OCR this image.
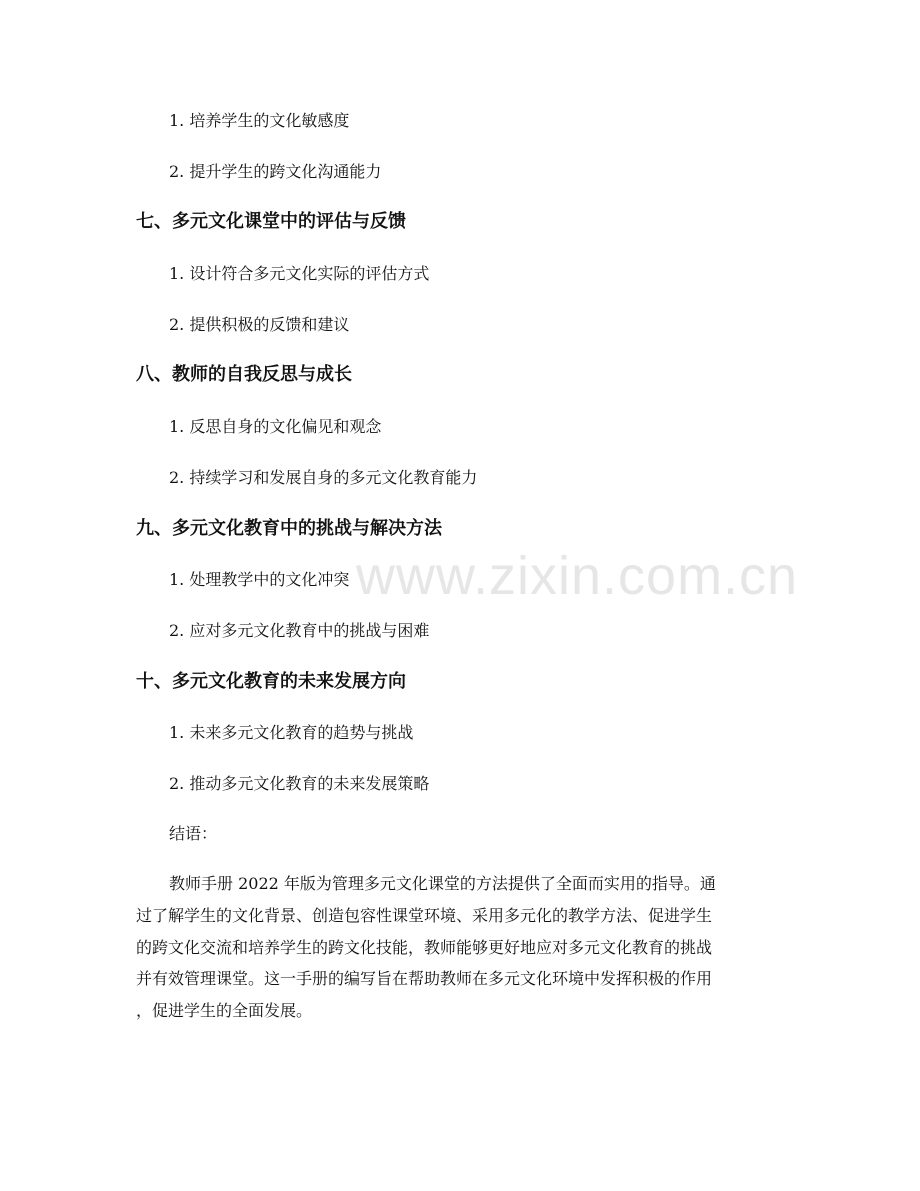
www.zixin.com.cn
1. 培养学生的文化敏感度
2. 提升学生的跨文化沟通能力
七、多元文化课堂中的评估与反馈
1. 设计符合多元文化实际的评估方式
2. 提供积极的反馈和建议
八、教师的自我反思与成长
1. 反思自身的文化偏见和观念
2. 持续学习和发展自身的多元文化教育能力
九、多元文化教育中的挑战与解决方法
1. 处理教学中的文化冲突
2. 应对多元文化教育中的挑战与困难
十、多元文化教育的未来发展方向
1. 未来多元文化教育的趋势与挑战
2. 推动多元文化教育的未来发展策略
结语：
教师手册 2022 年版为管理多元文化课堂的方法提供了全面而实用的指导。通
过了解学生的文化背景、创造包容性课堂环境、采用多元化的教学方法、促进学生
的跨文化交流和培养学生的跨文化技能，教师能够更好地应对多元文化教育的挑战
并有效管理课堂。这一手册的编写旨在帮助教师在多元文化环境中发挥积极的作用
，促进学生的全面发展。
